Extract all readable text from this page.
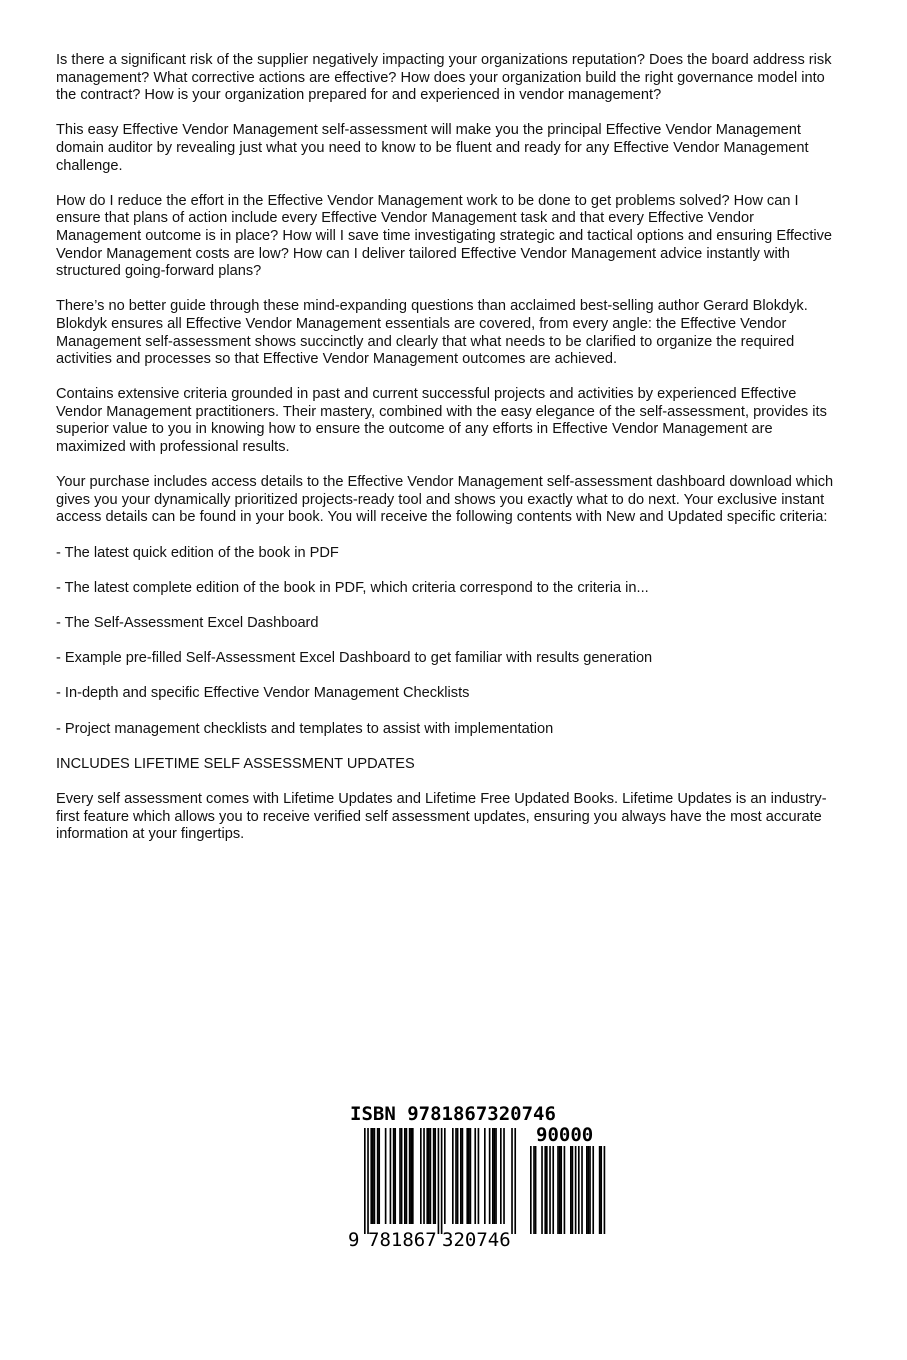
Is there a significant risk of the supplier negatively impacting your organizations reputation? Does the board address risk management? What corrective actions are effective? How does your organization build the right governance model into the contract? How is your organization prepared for and experienced in vendor management?

This easy Effective Vendor Management self-assessment will make you the principal Effective Vendor Management domain auditor by revealing just what you need to know to be fluent and ready for any Effective Vendor Management challenge.

How do I reduce the effort in the Effective Vendor Management work to be done to get problems solved? How can I ensure that plans of action include every Effective Vendor Management task and that every Effective Vendor Management outcome is in place? How will I save time investigating strategic and tactical options and ensuring Effective Vendor Management costs are low? How can I deliver tailored Effective Vendor Management advice instantly with structured going-forward plans?

There’s no better guide through these mind-expanding questions than acclaimed best-selling author Gerard Blokdyk. Blokdyk ensures all Effective Vendor Management essentials are covered, from every angle: the Effective Vendor Management self-assessment shows succinctly and clearly that what needs to be clarified to organize the required activities and processes so that Effective Vendor Management outcomes are achieved.

Contains extensive criteria grounded in past and current successful projects and activities by experienced Effective Vendor Management practitioners. Their mastery, combined with the easy elegance of the self-assessment, provides its superior value to you in knowing how to ensure the outcome of any efforts in Effective Vendor Management are maximized with professional results.

Your purchase includes access details to the Effective Vendor Management self-assessment dashboard download which gives you your dynamically prioritized projects-ready tool and shows you exactly what to do next. Your exclusive instant access details can be found in your book. You will receive the following contents with New and Updated specific criteria:

- The latest quick edition of the book in PDF

- The latest complete edition of the book in PDF, which criteria correspond to the criteria in...

- The Self-Assessment Excel Dashboard

- Example pre-filled Self-Assessment Excel Dashboard to get familiar with results generation

- In-depth and specific Effective Vendor Management Checklists

- Project management checklists and templates to assist with implementation

INCLUDES LIFETIME SELF ASSESSMENT UPDATES

Every self assessment comes with Lifetime Updates and Lifetime Free Updated Books. Lifetime Updates is an industry-first feature which allows you to receive verified self assessment updates, ensuring you always have the most accurate information at your fingertips.

ISBN 9781867320746
90000
9 781867 320746
